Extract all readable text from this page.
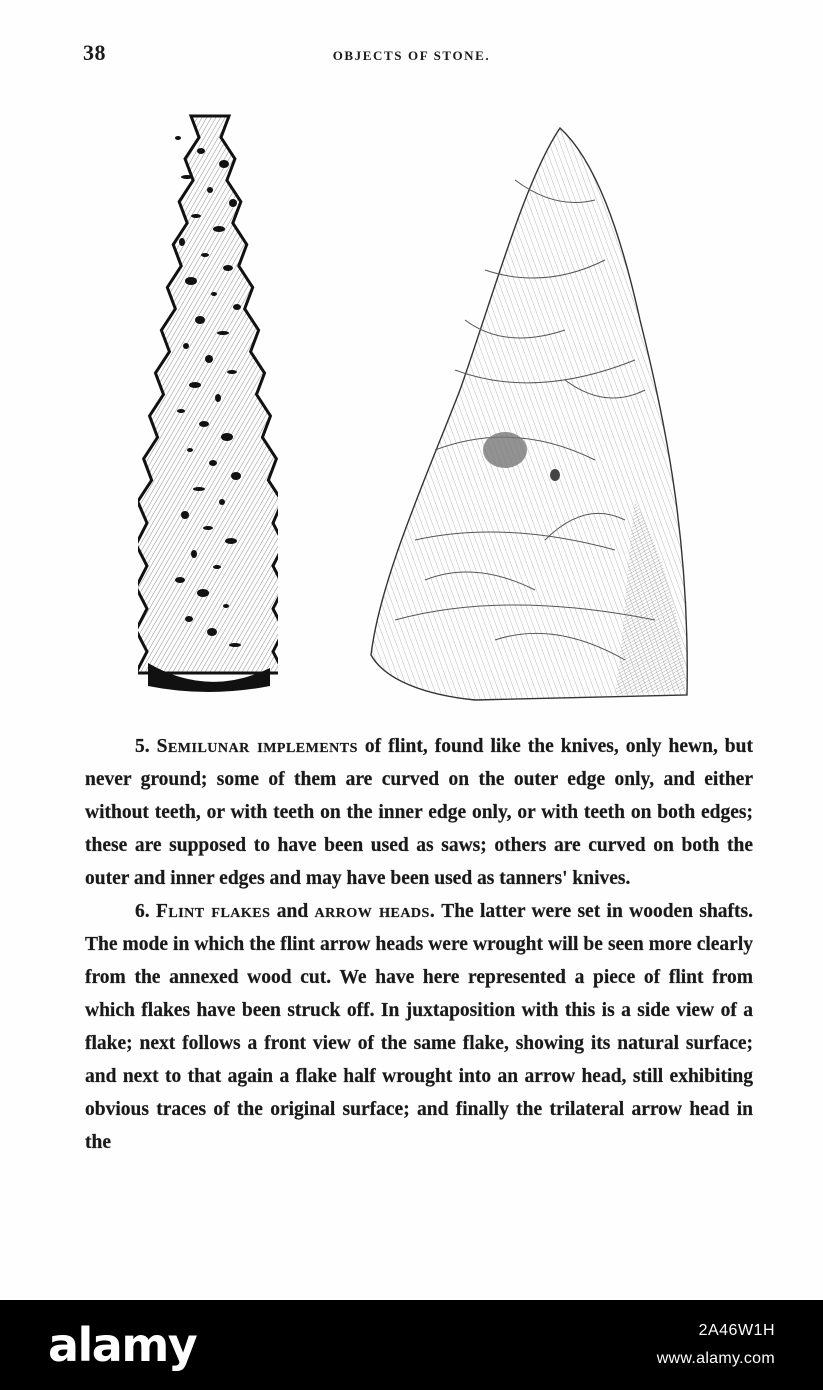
38	OBJECTS OF STONE.

5. Semilunar implements of flint, found like the knives, only hewn, but never ground; some of them are curved on the outer edge only, and either without teeth, or with teeth on the inner edge only, or with teeth on both edges; these are supposed to have been used as saws; others are curved on both the outer and inner edges and may have been used as tanners' knives.

6. Flint flakes and arrow heads. The latter were set in wooden shafts. The mode in which the flint arrow heads were wrought will be seen more clearly from the annexed wood cut. We have here represented a piece of flint from which flakes have been struck off. In juxtaposition with this is a side view of a flake; next follows a front view of the same flake, showing its natural surface; and next to that again a flake half wrought into an arrow head, still exhibiting obvious traces of the original surface; and finally the trilateral arrow head in the

alamy	2A46W1H
www.alamy.com
